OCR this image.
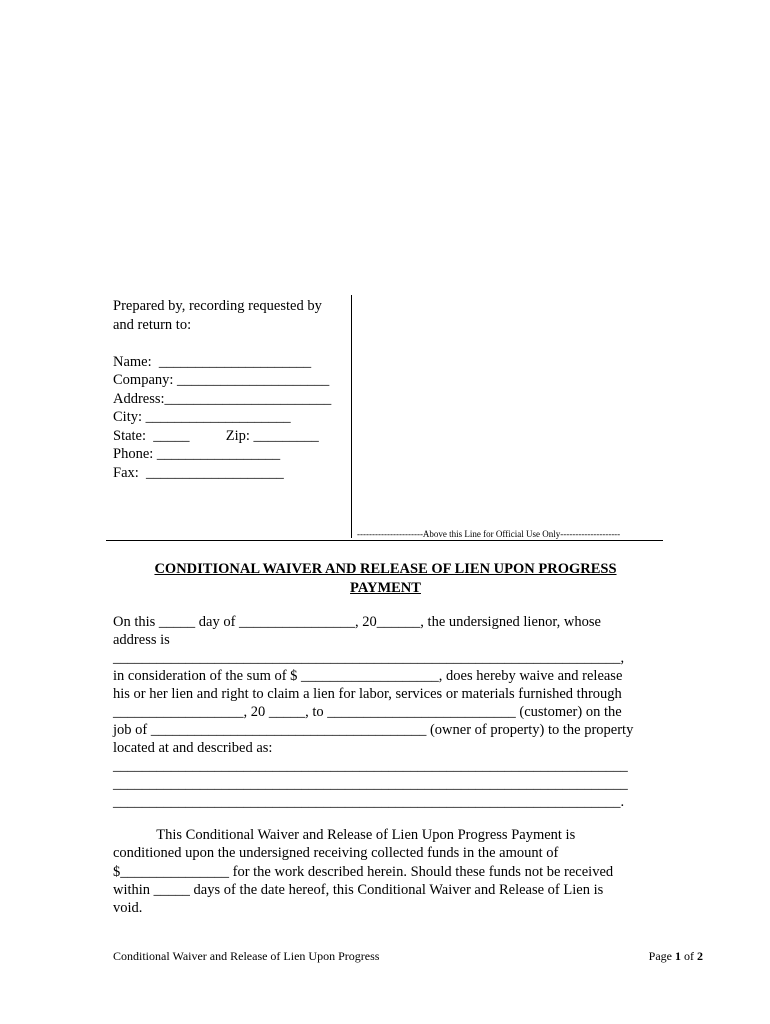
Prepared by, recording requested by
and return to:
Name:  _____________________
Company: _____________________
Address:_______________________
City: ____________________
State:  _____          Zip: _________
Phone: _________________
Fax:  ___________________
----------------------Above this Line for Official Use Only--------------------
CONDITIONAL WAIVER AND RELEASE OF LIEN UPON PROGRESS
PAYMENT
On this _____ day of ________________, 20______, the undersigned lienor, whose
address is
______________________________________________________________________,
in consideration of the sum of $ ___________________, does hereby waive and release
his or her lien and right to claim a lien for labor, services or materials furnished through
__________________, 20 _____, to __________________________ (customer) on the
job of ______________________________________ (owner of property) to the property
located at and described as:
_______________________________________________________________________
_______________________________________________________________________
______________________________________________________________________.
This Conditional Waiver and Release of Lien Upon Progress Payment is
conditioned upon the undersigned receiving collected funds in the amount of
$_______________ for the work described herein. Should these funds not be received
within _____ days of the date hereof, this Conditional Waiver and Release of Lien is
void.
Conditional Waiver and Release of Lien Upon Progress	Page 1 of 2
